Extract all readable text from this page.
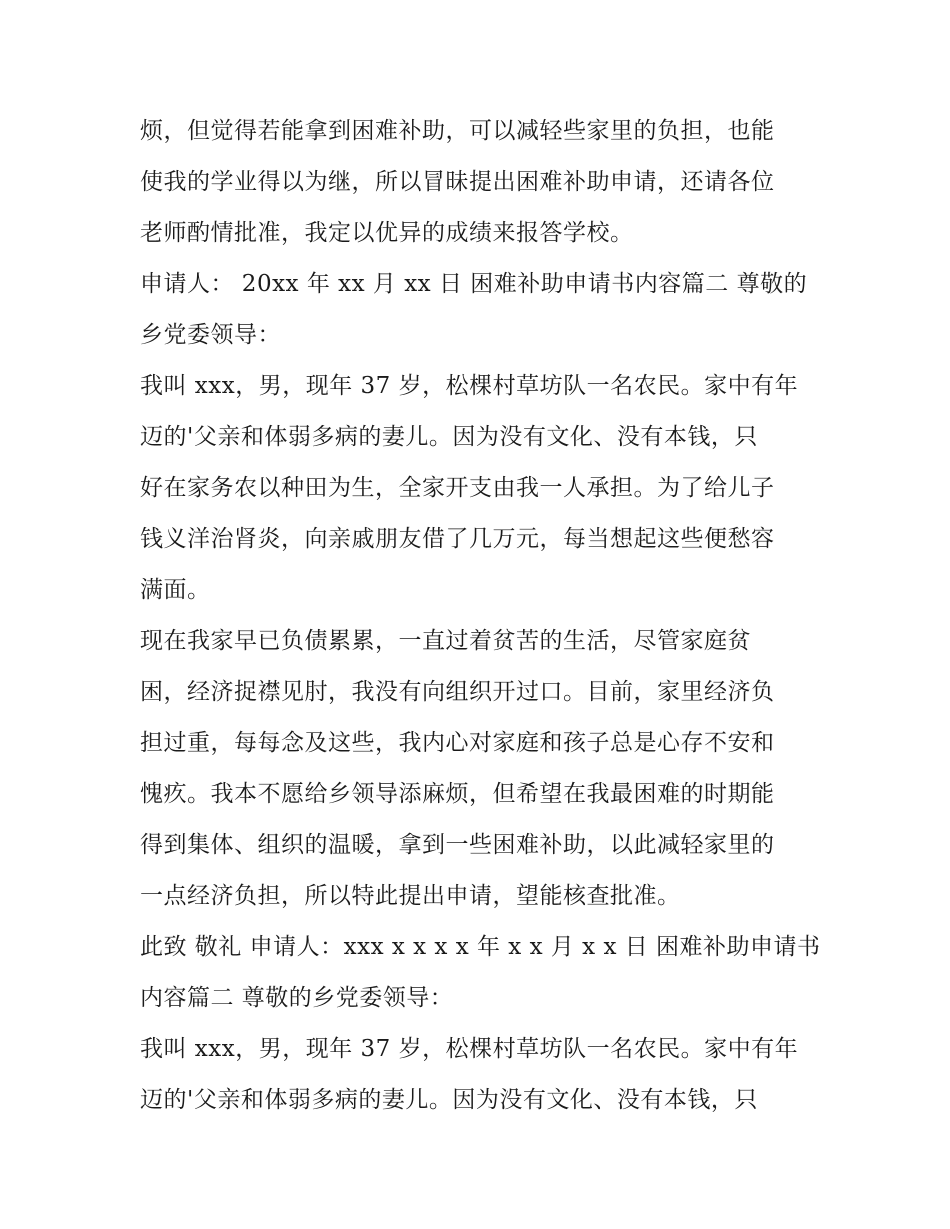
烦，但觉得若能拿到困难补助，可以减轻些家里的负担，也能
使我的学业得以为继，所以冒昧提出困难补助申请，还请各位
老师酌情批准，我定以优异的成绩来报答学校。
申请人： 20xx 年 xx 月 xx 日 困难补助申请书内容篇二 尊敬的
乡党委领导：
我叫 xxx，男，现年 37 岁，松棵村草坊队一名农民。家中有年
迈的'父亲和体弱多病的妻儿。因为没有文化、没有本钱，只
好在家务农以种田为生，全家开支由我一人承担。为了给儿子
钱义洋治肾炎，向亲戚朋友借了几万元，每当想起这些便愁容
满面。
现在我家早已负债累累，一直过着贫苦的生活，尽管家庭贫
困，经济捉襟见肘，我没有向组织开过口。目前，家里经济负
担过重，每每念及这些，我内心对家庭和孩子总是心存不安和
愧疚。我本不愿给乡领导添麻烦，但希望在我最困难的时期能
得到集体、组织的温暖，拿到一些困难补助，以此减轻家里的
一点经济负担，所以特此提出申请，望能核查批准。
此致 敬礼 申请人：xxx x x x x 年 x x 月 x x 日 困难补助申请书
内容篇二 尊敬的乡党委领导：
我叫 xxx，男，现年 37 岁，松棵村草坊队一名农民。家中有年
迈的'父亲和体弱多病的妻儿。因为没有文化、没有本钱，只
